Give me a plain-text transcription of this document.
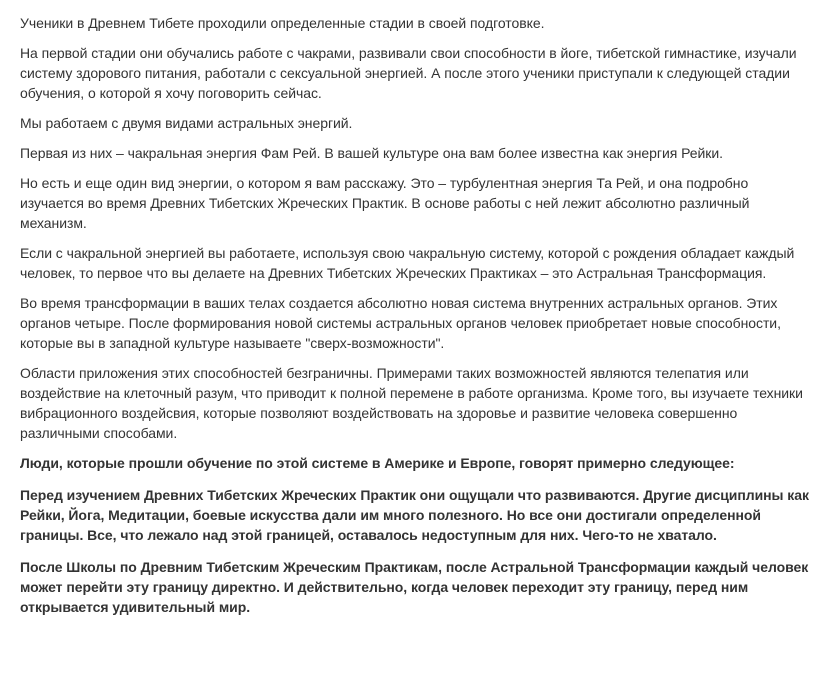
Ученики в Древнем Тибете проходили определенные стадии в своей подготовке.

На первой стадии они обучались работе с чакрами, развивали свои способности в йоге, тибетской гимнастике, изучали систему здорового питания, работали с сексуальной энергией. А после этого ученики приступали к следующей стадии обучения, о которой я хочу поговорить сейчас.

Мы работаем с двумя видами астральных энергий.

Первая из них – чакральная энергия Фам Рей. В вашей культуре она вам более известна как энергия Рейки.

Но есть и еще один вид энергии, о котором я вам расскажу. Это – турбулентная энергия Та Рей, и она подробно изучается во время Древних Тибетских Жреческих Практик. В основе работы с ней лежит абсолютно различный механизм.

Если с чакральной энергией вы работаете, используя свою чакральную систему, которой с рождения обладает каждый человек, то первое что вы делаете на Древних Тибетских Жреческих Практиках – это Астральная Трансформация.

Во время трансформации в ваших телах создается абсолютно новая система внутренних астральных органов. Этих органов четыре. После формирования новой системы астральных органов человек приобретает новые способности, которые вы в западной культуре называете "сверх-возможности".

Области приложения этих способностей безграничны. Примерами таких возможностей являются телепатия или воздействие на клеточный разум, что приводит к полной перемене в работе организма. Кроме того, вы изучаете техники вибрационного воздейсвия, которые позволяют воздействовать на здоровье и развитие человека совершенно различными способами.

Люди, которые прошли обучение по этой системе в Америке и Европе, говорят примерно следующее:

Перед изучением Древних Тибетских Жреческих Практик они ощущали что развиваются. Другие дисциплины как Рейки, Йога, Медитации, боевые искусства дали им много полезного. Но все они достигали определенной границы. Все, что лежало над этой границей, оставалось недоступным для них. Чего-то не хватало.

После Школы по Древним Тибетским Жреческим Практикам, после Астральной Трансформации каждый человек может перейти эту границу директно. И действительно, когда человек переходит эту границу, перед ним открывается удивительный мир.
